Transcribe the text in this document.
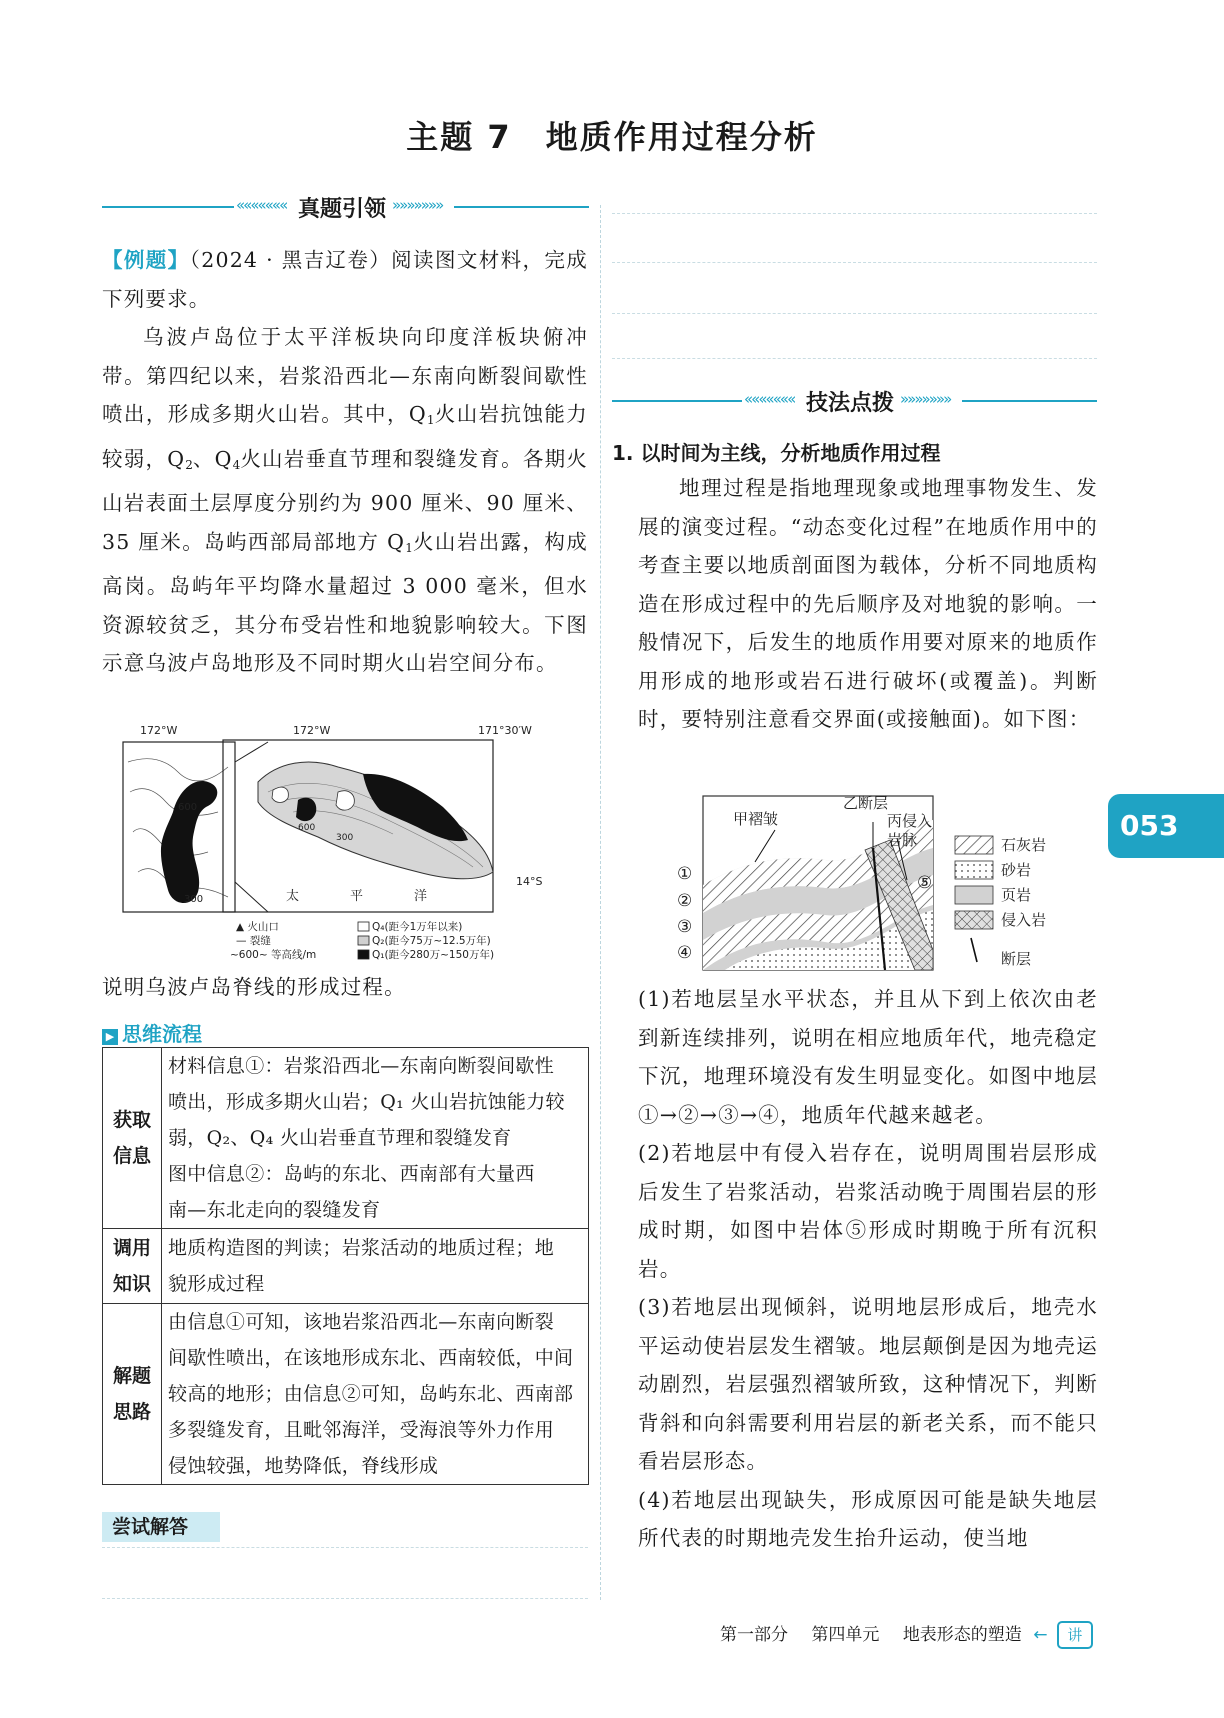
主题 7　地质作用过程分析
««««««« 真题引领 »»»»»»»

【例题】（2024 · 黑吉辽卷）阅读图文材料，完成下列要求。

乌波卢岛位于太平洋板块向印度洋板块俯冲带。第四纪以来，岩浆沿西北—东南向断裂间歇性喷出，形成多期火山岩。其中，$Q_1$火山岩抗蚀能力较弱，$Q_2$、$Q_4$火山岩垂直节理和裂缝发育。各期火山岩表面土层厚度分别约为 900 厘米、90 厘米、35 厘米。岛屿西部局部地方 $Q_1$火山岩出露，构成高岗。岛屿年平均降水量超过 3 000 毫米，但水资源较贫乏，其分布受岩性和地貌影响较大。下图示意乌波卢岛地形及不同时期火山岩空间分布。

172°W	172°W	171°30′W
14°S
600
300
600
300
太	平	洋
▲ 火山口
— 裂缝
~600~ 等高线/m
Q₄(距今1万年以来)
Q₂(距今75万~12.5万年)
Q₁(距今280万~150万年)
说明乌波卢岛脊线的形成过程。
▶ 思维流程
获取信息	材料信息①：岩浆沿西北—东南向断裂间歇性
喷出，形成多期火山岩；Q₁ 火山岩抗蚀能力较
弱，Q₂、Q₄ 火山岩垂直节理和裂缝发育
图中信息②：岛屿的东北、西南部有大量西
南—东北走向的裂缝发育

调用知识	地质构造图的判读；岩浆活动的地质过程；地
貌形成过程

解题思路	由信息①可知，该地岩浆沿西北—东南向断裂
间歇性喷出，在该地形成东北、西南较低，中间
较高的地形；由信息②可知，岛屿东北、西南部
多裂缝发育，且毗邻海洋，受海浪等外力作用
侵蚀较强，地势降低，脊线形成
尝试解答
««««««« 技法点拨 »»»»»»»
1. 以时间为主线，分析地质作用过程
地理过程是指地理现象或地理事物发生、发展的演变过程。“动态变化过程”在地质作用中的考查主要以地质剖面图为载体，分析不同地质构造在形成过程中的先后顺序及对地貌的影响。一般情况下，后发生的地质作用要对原来的地质作用形成的地形或岩石进行破坏(或覆盖)。判断时，要特别注意看交界面(或接触面)。如下图：
甲褶皱
乙断层
丙侵入
岩脉
①
②
③
④
⑤
石灰岩
砂岩
页岩
侵入岩
断层

(1)若地层呈水平状态，并且从下到上依次由老到新连续排列，说明在相应地质年代，地壳稳定下沉，地理环境没有发生明显变化。如图中地层 ①→②→③→④，地质年代越来越老。

(2)若地层中有侵入岩存在，说明周围岩层形成后发生了岩浆活动，岩浆活动晚于周围岩层的形成时期，如图中岩体⑤形成时期晚于所有沉积岩。

(3)若地层出现倾斜，说明地层形成后，地壳水平运动使岩层发生褶皱。地层颠倒是因为地壳运动剧烈，岩层强烈褶皱所致，这种情况下，判断背斜和向斜需要利用岩层的新老关系，而不能只看岩层形态。

(4)若地层出现缺失，形成原因可能是缺失地层所代表的时期地壳发生抬升运动，使当地

053
第一部分 第四单元 地表形态的塑造 ← 讲
